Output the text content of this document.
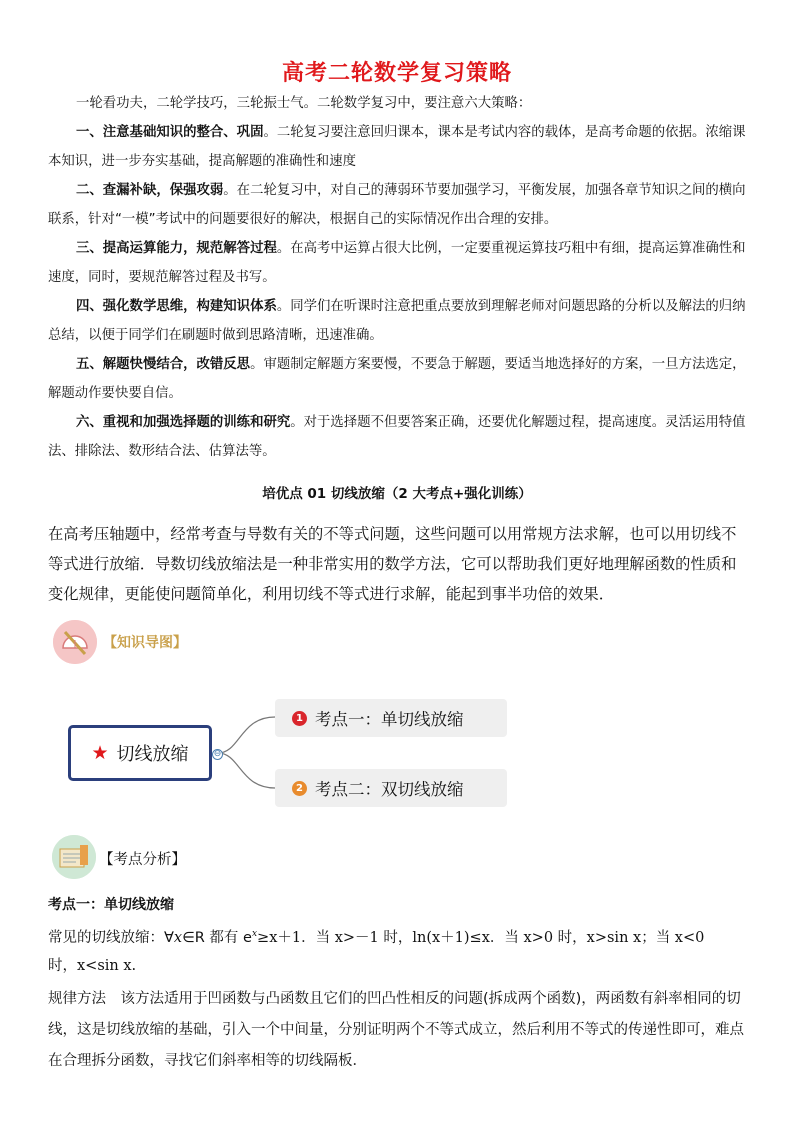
高考二轮数学复习策略
一轮看功夫，二轮学技巧，三轮振士气。二轮数学复习中，要注意六大策略：
一、注意基础知识的整合、巩固。二轮复习要注意回归课本，课本是考试内容的载体，是高考命题的依据。浓缩课本知识，进一步夯实基础，提高解题的准确性和速度
二、查漏补缺，保强攻弱。在二轮复习中，对自己的薄弱环节要加强学习，平衡发展，加强各章节知识之间的横向联系，针对“一模”考试中的问题要很好的解决，根据自己的实际情况作出合理的安排。
三、提高运算能力，规范解答过程。在高考中运算占很大比例，一定要重视运算技巧粗中有细，提高运算准确性和速度，同时，要规范解答过程及书写。
四、强化数学思维，构建知识体系。同学们在听课时注意把重点要放到理解老师对问题思路的分析以及解法的归纳总结，以便于同学们在刷题时做到思路清晰，迅速准确。
五、解题快慢结合，改错反思。审题制定解题方案要慢，不要急于解题，要适当地选择好的方案，一旦方法选定，解题动作要快要自信。
六、重视和加强选择题的训练和研究。对于选择题不但要答案正确，还要优化解题过程，提高速度。灵活运用特值法、排除法、数形结合法、估算法等。
培优点 01 切线放缩（2 大考点+强化训练）
在高考压轴题中，经常考查与导数有关的不等式问题，这些问题可以用常规方法求解，也可以用切线不等式进行放缩．导数切线放缩法是一种非常实用的数学方法，它可以帮助我们更好地理解函数的性质和变化规律，更能使问题简单化，利用切线不等式进行求解，能起到事半功倍的效果．
【知识导图】
★ 切线放缩	⊖
1 考点一：单切线放缩
2 考点二：双切线放缩
【考点分析】
考点一：单切线放缩
常见的切线放缩：∀x∈R 都有 $e^x\ge x+1$．当 x>－1 时，ln(x＋1)≤x．当 x>0 时，x>sin x；当 x<0
时，x<sin x.
规律方法　该方法适用于凹函数与凸函数且它们的凹凸性相反的问题(拆成两个函数)，两函数有斜率相同的切线，这是切线放缩的基础，引入一个中间量，分别证明两个不等式成立，然后利用不等式的传递性即可，难点在合理拆分函数，寻找它们斜率相等的切线隔板．
